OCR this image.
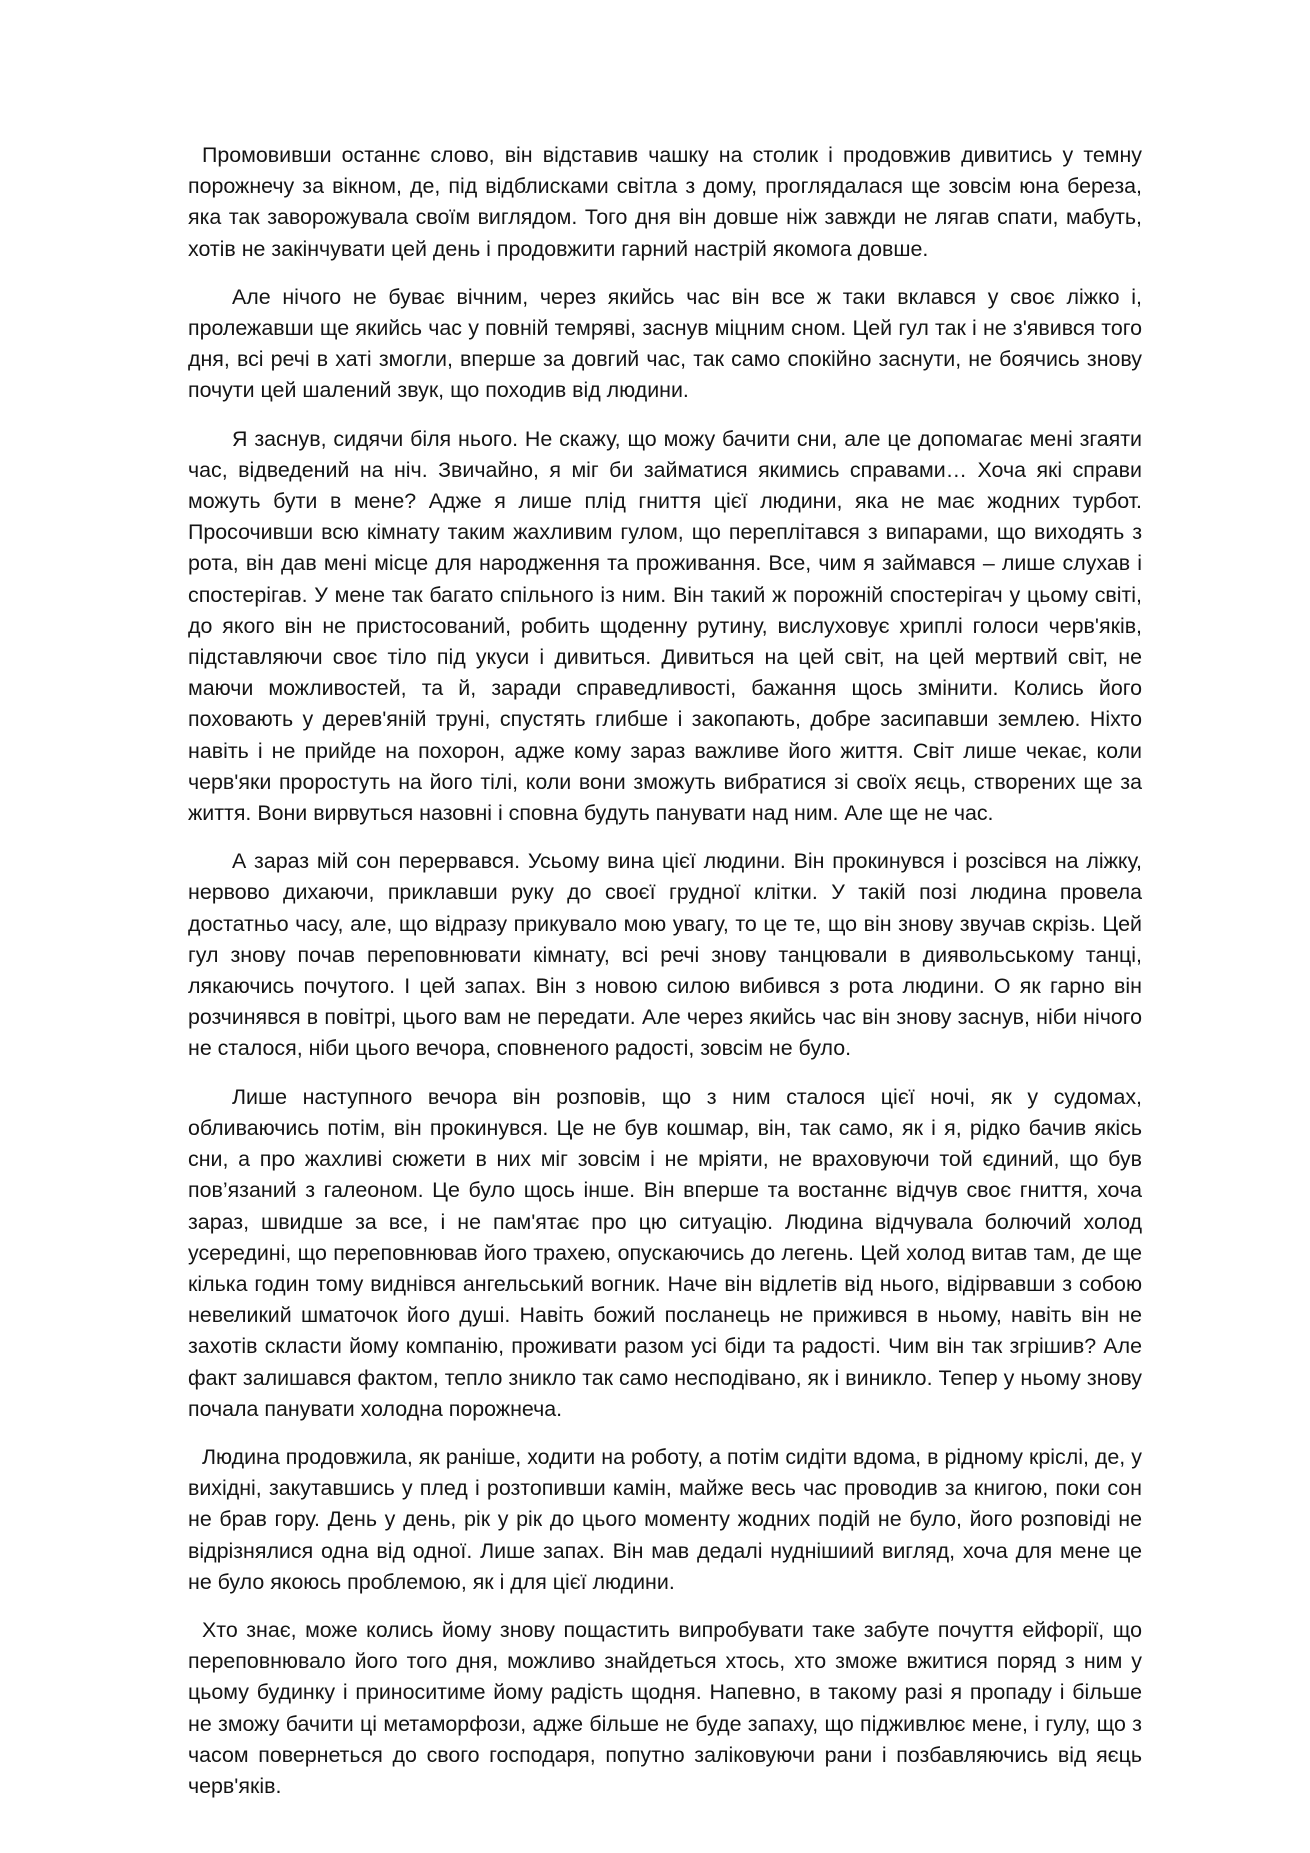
Промовивши останнє слово, він відставив чашку на столик і продовжив дивитись у темну порожнечу за вікном, де, під відблисками світла з дому, проглядалася ще зовсім юна береза, яка так заворожувала своїм виглядом. Того дня він довше ніж завжди не лягав спати, мабуть, хотів не закінчувати цей день і продовжити гарний настрій якомога довше.

Але нічого не буває вічним, через якийсь час він все ж таки вклався у своє ліжко і, пролежавши ще якийсь час у повній темряві, заснув міцним сном. Цей гул так і не з'явився того дня, всі речі в хаті змогли, вперше за довгий час, так само спокійно заснути, не боячись знову почути цей шалений звук, що походив від людини.

Я заснув, сидячи біля нього. Не скажу, що можу бачити сни, але це допомагає мені згаяти час, відведений на ніч. Звичайно, я міг би займатися якимись справами… Хоча які справи можуть бути в мене? Адже я лише плід гниття цієї людини, яка не має жодних турбот. Просочивши всю кімнату таким жахливим гулом, що переплітався з випарами, що виходять з рота, він дав мені місце для народження та проживання. Все, чим я займався – лише слухав і спостерігав. У мене так багато спільного із ним. Він такий ж порожній спостерігач у цьому світі, до якого він не пристосований, робить щоденну рутину, вислуховує хриплі голоси черв'яків, підставляючи своє тіло під укуси і дивиться. Дивиться на цей світ, на цей мертвий світ, не маючи можливостей, та й, заради справедливості, бажання щось змінити. Колись його поховають у дерев'яній труні, спустять глибше і закопають, добре засипавши землею. Ніхто навіть і не прийде на похорон, адже кому зараз важливе його життя. Світ лише чекає, коли черв'яки проростуть на його тілі, коли вони зможуть вибратися зі своїх яєць, створених ще за життя. Вони вирвуться назовні і сповна будуть панувати над ним. Але ще не час.

А зараз мій сон перервався. Усьому вина цієї людини. Він прокинувся і розсівся на ліжку, нервово дихаючи, приклавши руку до своєї грудної клітки. У такій позі людина провела достатньо часу, але, що відразу прикувало мою увагу, то це те, що він знову звучав скрізь. Цей гул знову почав переповнювати кімнату, всі речі знову танцювали в диявольському танці, лякаючись почутого. І цей запах. Він з новою силою вибився з рота людини. О як гарно він розчинявся в повітрі, цього вам не передати. Але через якийсь час він знову заснув, ніби нічого не сталося, ніби цього вечора, сповненого радості, зовсім не було.

Лише наступного вечора він розповів, що з ним сталося цієї ночі, як у судомах, обливаючись потім, він прокинувся. Це не був кошмар, він, так само, як і я, рідко бачив якісь сни, а про жахливі сюжети в них міг зовсім і не мріяти, не враховуючи той єдиний, що був пов’язаний з галеоном. Це було щось інше. Він вперше та востаннє відчув своє гниття, хоча зараз, швидше за все, і не пам'ятає про цю ситуацію. Людина відчувала болючий холод усередині, що переповнював його трахею, опускаючись до легень. Цей холод витав там, де ще кілька годин тому виднівся ангельський вогник. Наче він відлетів від нього, відірвавши з собою невеликий шматочок його душі. Навіть божий посланець не прижився в ньому, навіть він не захотів скласти йому компанію, проживати разом усі біди та радості. Чим він так згрішив? Але факт залишався фактом, тепло зникло так само несподівано, як і виникло. Тепер у ньому знову почала панувати холодна порожнеча.

Людина продовжила, як раніше, ходити на роботу, а потім сидіти вдома, в рідному кріслі, де, у вихідні, закутавшись у плед і розтопивши камін, майже весь час проводив за книгою, поки сон не брав гору. День у день, рік у рік до цього моменту жодних подій не було, його розповіді не відрізнялися одна від одної. Лише запах. Він мав дедалі нуднішиий вигляд, хоча для мене це не було якоюсь проблемою, як і для цієї людини.

Хто знає, може колись йому знову пощастить випробувати таке забуте почуття ейфорії, що переповнювало його того дня, можливо знайдеться хтось, хто зможе вжитися поряд з ним у цьому будинку і приноситиме йому радість щодня. Напевно, в такому разі я пропаду і більше не зможу бачити ці метаморфози, адже більше не буде запаху, що підживлює мене, і гулу, що з часом повернеться до свого господаря, попутно заліковуючи рани і позбавляючись від яєць черв'яків.
